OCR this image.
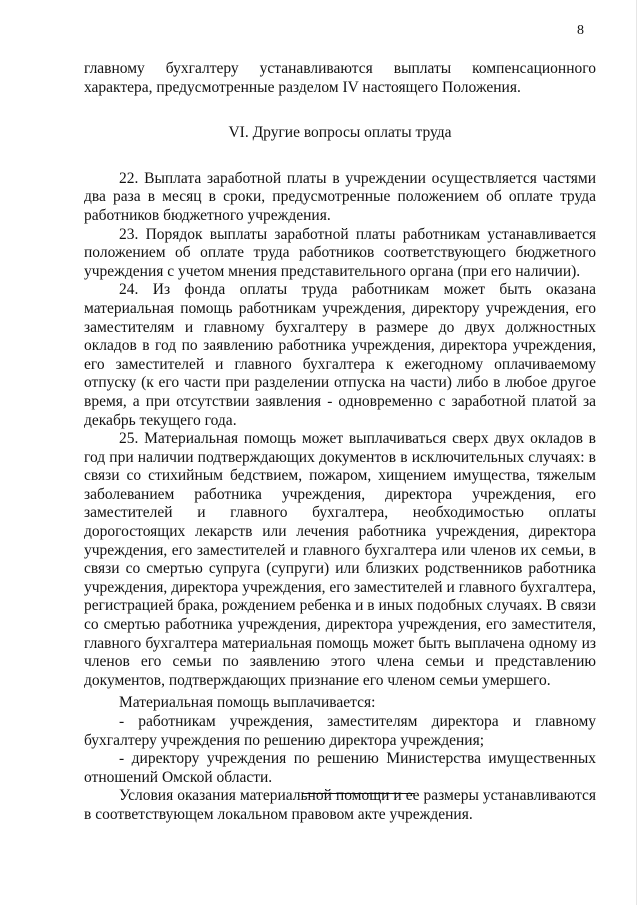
8

главному бухгалтеру устанавливаются выплаты компенсационного характера, предусмотренные разделом IV настоящего Положения.

VI. Другие вопросы оплаты труда

22. Выплата заработной платы в учреждении осуществляется частями два раза в месяц в сроки, предусмотренные положением об оплате труда работников бюджетного учреждения.

23. Порядок выплаты заработной платы работникам устанавливается положением об оплате труда работников соответствующего бюджетного учреждения с учетом мнения представительного органа (при его наличии).

24. Из фонда оплаты труда работникам может быть оказана материальная помощь работникам учреждения, директору учреждения, его заместителям и главному бухгалтеру в размере до двух должностных окладов в год по заявлению работника учреждения, директора учреждения, его заместителей и главного бухгалтера к ежегодному оплачиваемому отпуску (к его части при разделении отпуска на части) либо в любое другое время, а при отсутствии заявления - одновременно с заработной платой за декабрь текущего года.

25. Материальная помощь может выплачиваться сверх двух окладов в год при наличии подтверждающих документов в исключительных случаях: в связи со стихийным бедствием, пожаром, хищением имущества, тяжелым заболеванием работника учреждения, директора учреждения, его заместителей и главного бухгалтера, необходимостью оплаты дорогостоящих лекарств или лечения работника учреждения, директора учреждения, его заместителей и главного бухгалтера или членов их семьи, в связи со смертью супруга (супруги) или близких родственников работника учреждения, директора учреждения, его заместителей и главного бухгалтера, регистрацией брака, рождением ребенка и в иных подобных случаях. В связи со смертью работника учреждения, директора учреждения, его заместителя, главного бухгалтера материальная помощь может быть выплачена одному из членов его семьи по заявлению этого члена семьи и представлению документов, подтверждающих признание его членом семьи умершего.

Материальная помощь выплачивается:

- работникам учреждения, заместителям директора и главному бухгалтеру учреждения по решению директора учреждения;

- директору учреждения по решению Министерства имущественных отношений Омской области.

Условия оказания материальной помощи и ее размеры устанавливаются в соответствующем локальном правовом акте учреждения.
